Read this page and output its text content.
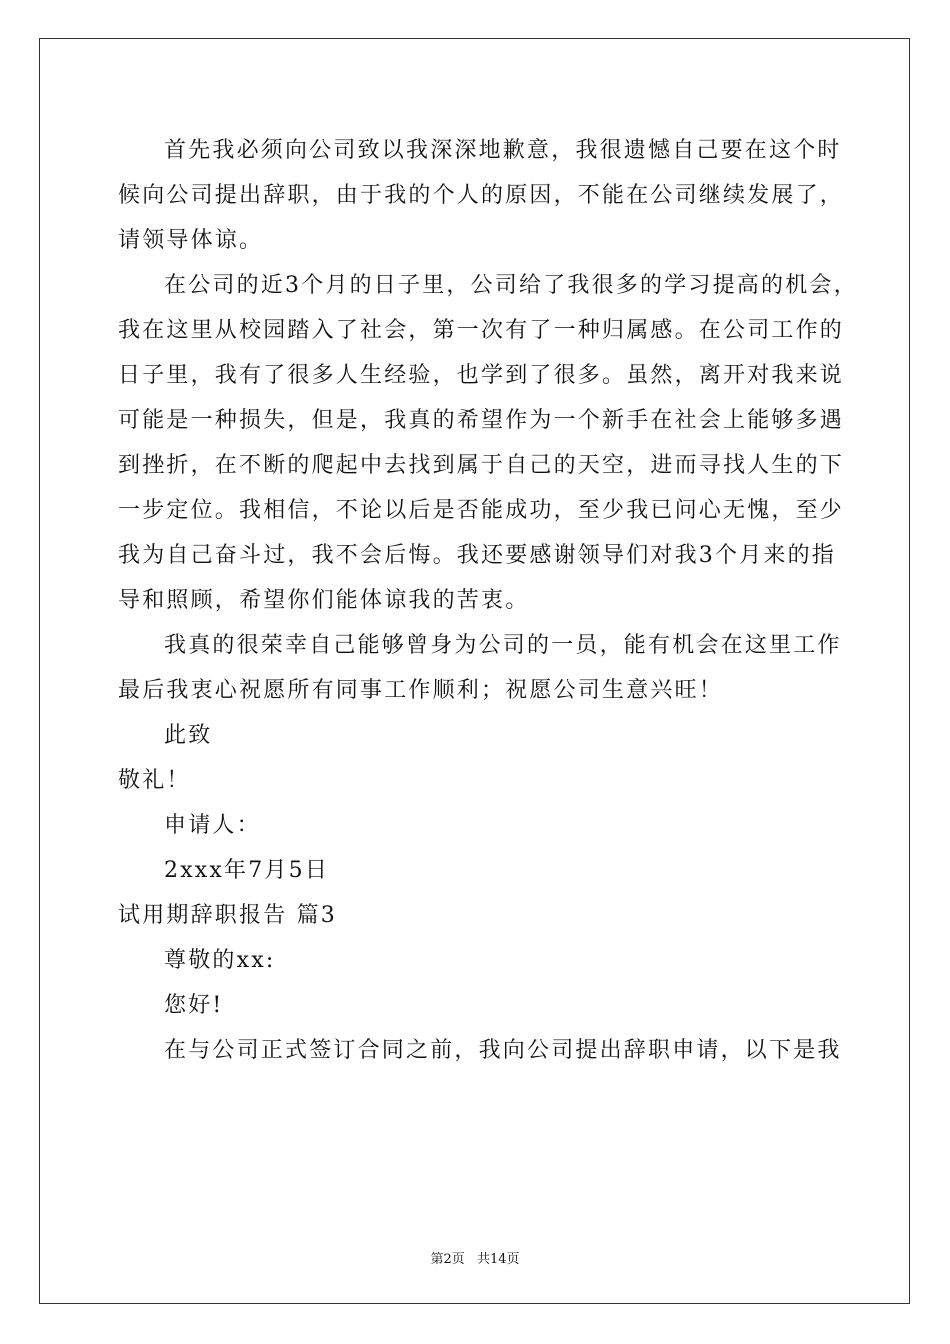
首先我必须向公司致以我深深地歉意，我很遗憾自己要在这个时
候向公司提出辞职，由于我的个人的原因，不能在公司继续发展了，
请领导体谅。
在公司的近3个月的日子里，公司给了我很多的学习提高的机会，
我在这里从校园踏入了社会，第一次有了一种归属感。在公司工作的
日子里，我有了很多人生经验，也学到了很多。虽然，离开对我来说
可能是一种损失，但是，我真的希望作为一个新手在社会上能够多遇
到挫折，在不断的爬起中去找到属于自己的天空，进而寻找人生的下
一步定位。我相信，不论以后是否能成功，至少我已问心无愧，至少
我为自己奋斗过，我不会后悔。我还要感谢领导们对我3个月来的指
导和照顾，希望你们能体谅我的苦衷。
我真的很荣幸自己能够曾身为公司的一员，能有机会在这里工作
最后我衷心祝愿所有同事工作顺利；祝愿公司生意兴旺！
此致
敬礼！
申请人：
2xxx年7月5日
试用期辞职报告 篇3
尊敬的xx:
您好!
在与公司正式签订合同之前，我向公司提出辞职申请，以下是我
第2页 共14页
